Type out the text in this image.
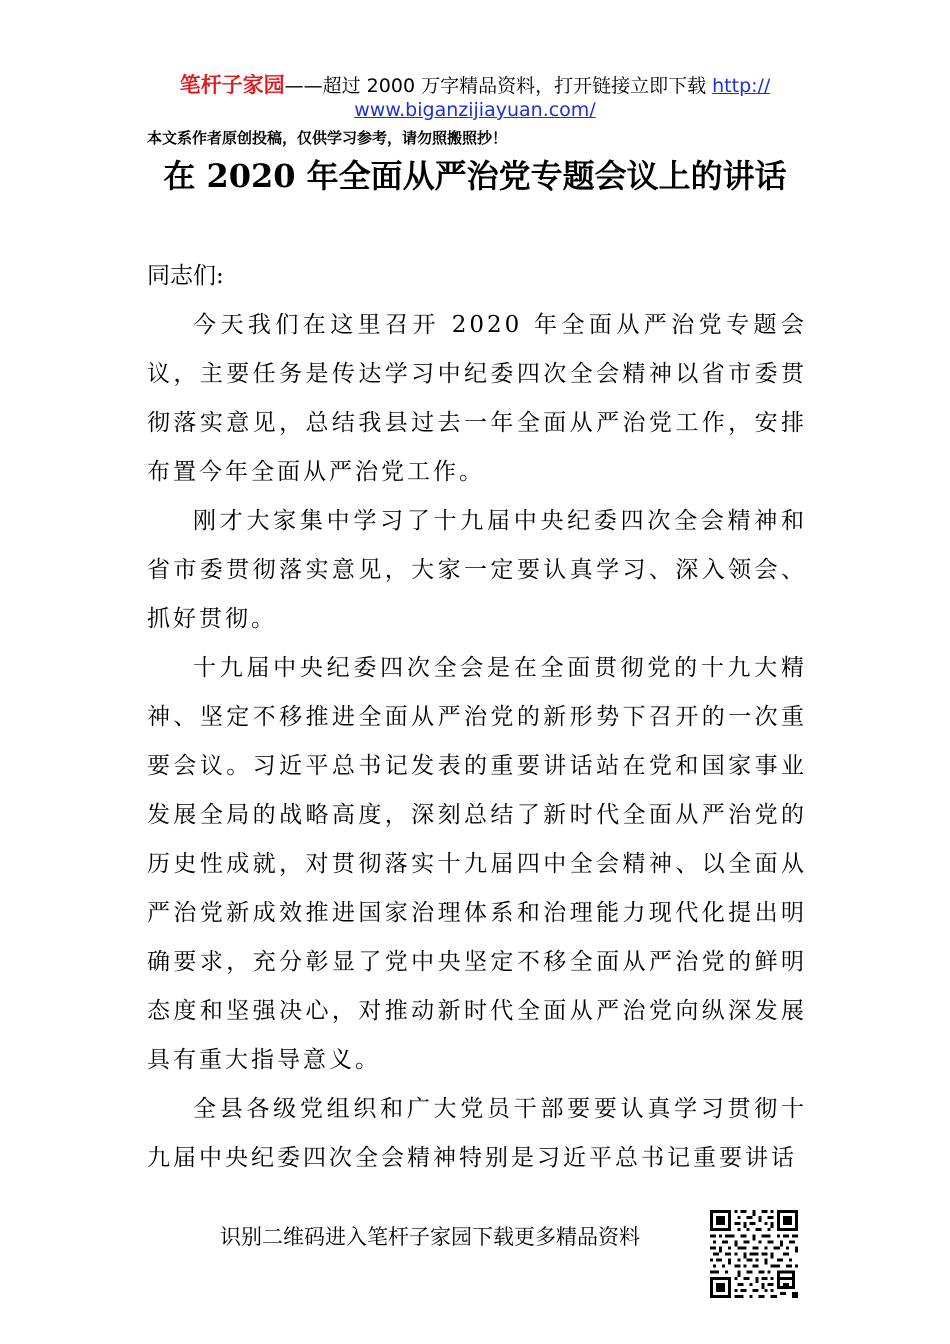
笔杆子家园——超过 2000 万字精品资料，打开链接立即下载 http://
www.biganzijiayuan.com/
本文系作者原创投稿，仅供学习参考，请勿照搬照抄！
在 2020 年全面从严治党专题会议上的讲话

同志们:

今天我们在这里召开 2020 年全面从严治党专题会议，主要任务是传达学习中纪委四次全会精神以省市委贯彻落实意见，总结我县过去一年全面从严治党工作，安排布置今年全面从严治党工作。

刚才大家集中学习了十九届中央纪委四次全会精神和省市委贯彻落实意见，大家一定要认真学习、深入领会、抓好贯彻。

十九届中央纪委四次全会是在全面贯彻党的十九大精神、坚定不移推进全面从严治党的新形势下召开的一次重要会议。习近平总书记发表的重要讲话站在党和国家事业发展全局的战略高度，深刻总结了新时代全面从严治党的历史性成就，对贯彻落实十九届四中全会精神、以全面从严治党新成效推进国家治理体系和治理能力现代化提出明确要求，充分彰显了党中央坚定不移全面从严治党的鲜明态度和坚强决心，对推动新时代全面从严治党向纵深发展具有重大指导意义。

全县各级党组织和广大党员干部要要认真学习贯彻十九届中央纪委四次全会精神特别是习近平总书记重要讲话

识别二维码进入笔杆子家园下载更多精品资料
